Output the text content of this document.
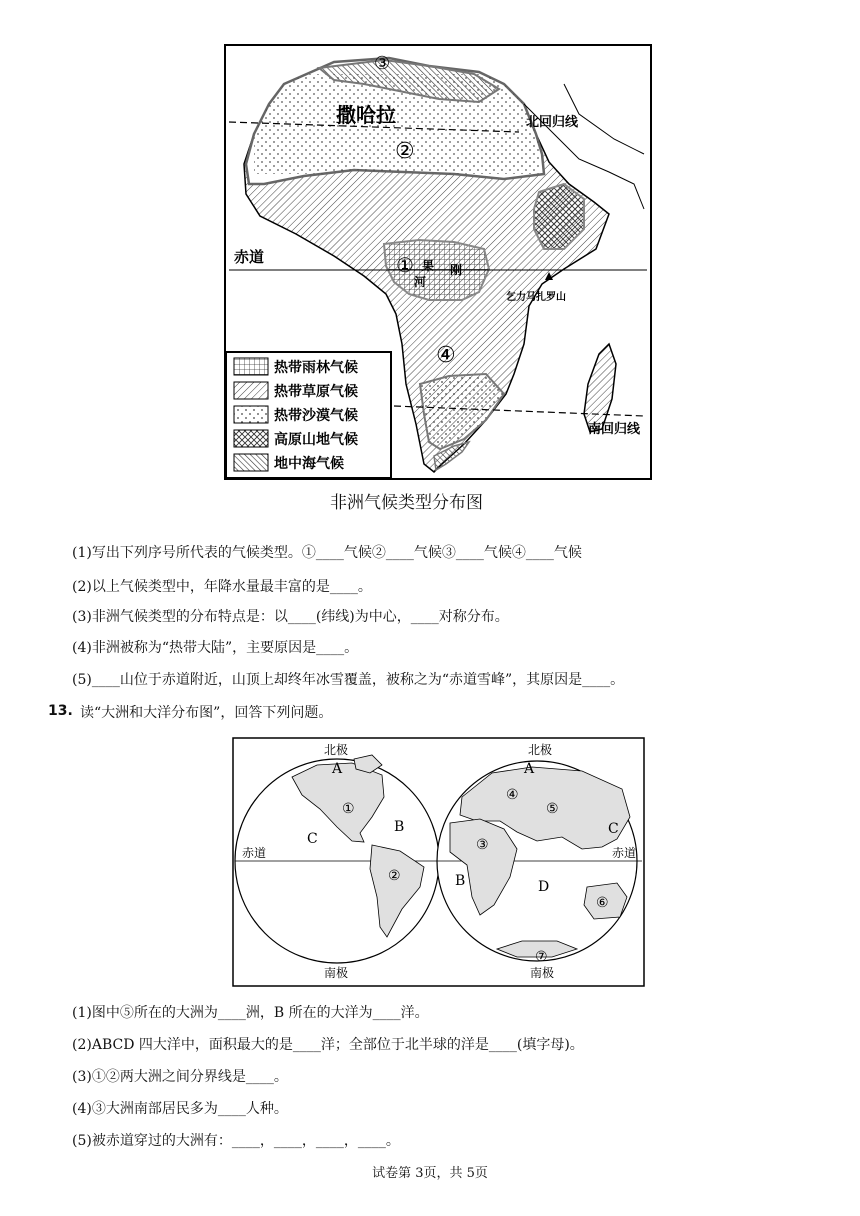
撒哈拉	北回归线
赤道
南回归线
果 刚
河
乞力马扎罗山
①
②
③
④
热带雨林气候
热带草原气候
热带沙漠气候
高原山地气候
地中海气候
非洲气候类型分布图
(1)写出下列序号所代表的气候类型。①____气候②____气候③____气候④____气候
(2)以上气候类型中，年降水量最丰富的是____。
(3)非洲气候类型的分布特点是：以____(纬线)为中心，____对称分布。
(4)非洲被称为“热带大陆”，主要原因是____。
(5)____山位于赤道附近，山顶上却终年冰雪覆盖，被称之为“赤道雪峰”，其原因是____。
13. 读“大洲和大洋分布图”，回答下列问题。
北极	北极
南极	南极
赤道	赤道
A
B
C
A
B
C
D
①
②
③
④
⑤
⑥
⑦
(1)图中⑤所在的大洲为____洲，B 所在的大洋为____洋。
(2)ABCD 四大洋中，面积最大的是____洋；全部位于北半球的洋是____(填字母)。
(3)①②两大洲之间分界线是____。
(4)③大洲南部居民多为____人种。
(5)被赤道穿过的大洲有：____，____，____，____。
试卷第 3页，共 5页
